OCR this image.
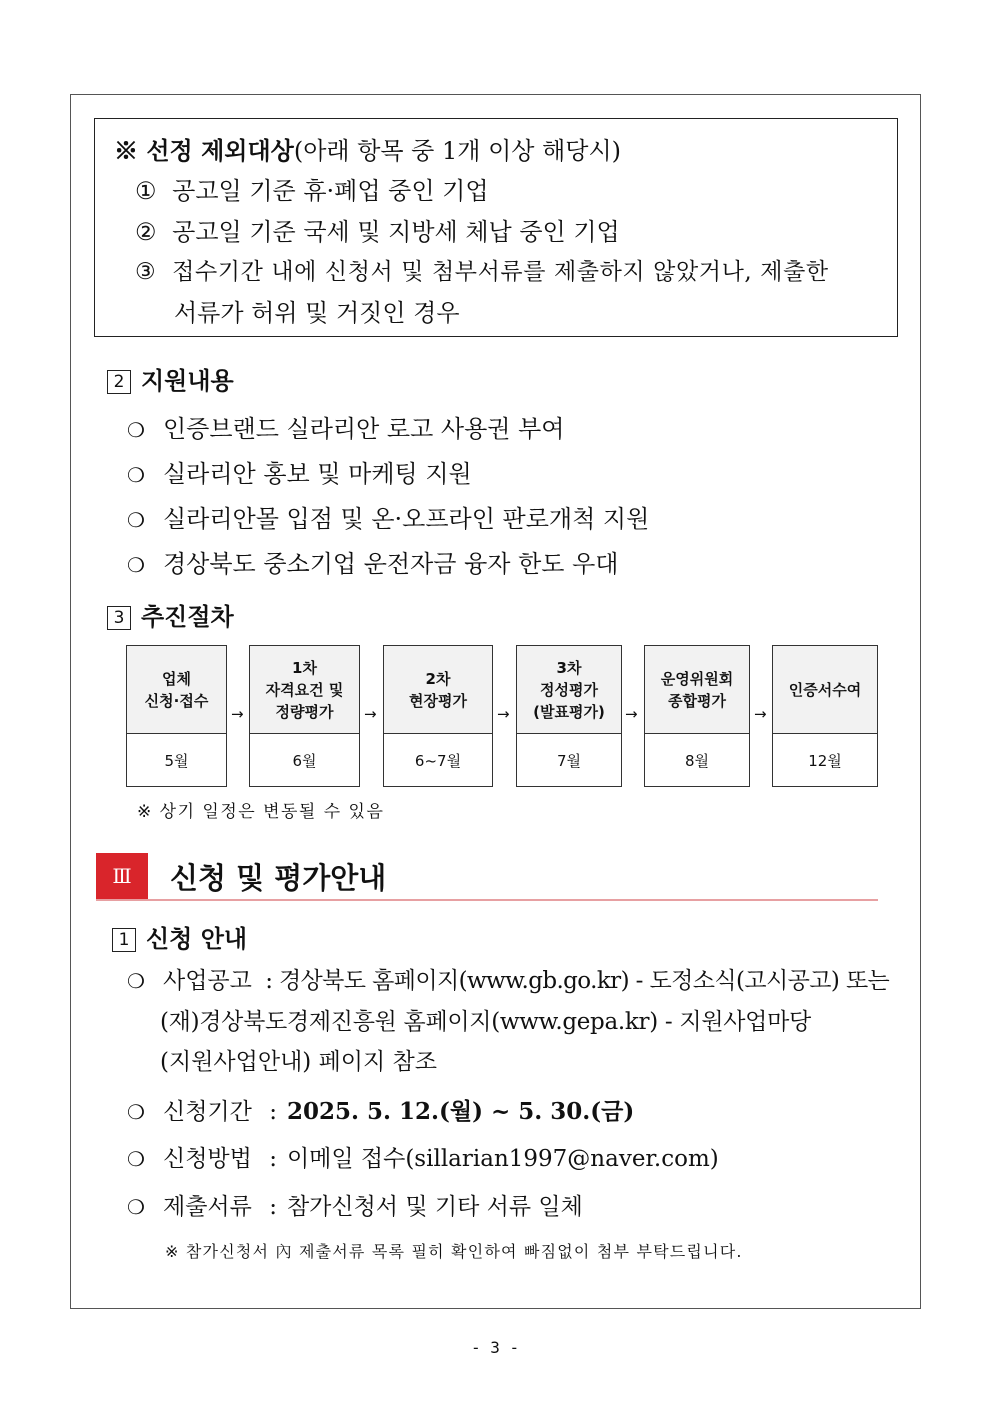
※ 선정 제외대상(아래 항목 중 1개 이상 해당시)
① 공고일 기준 휴·폐업 중인 기업
② 공고일 기준 국세 및 지방세 체납 중인 기업
③ 접수기간 내에 신청서 및 첨부서류를 제출하지 않았거나, 제출한
서류가 허위 및 거짓인 경우
2 지원내용
❍ 인증브랜드 실라리안 로고 사용권 부여
❍ 실라리안 홍보 및 마케팅 지원
❍ 실라리안몰 입점 및 온·오프라인 판로개척 지원
❍ 경상북도 중소기업 운전자금 융자 한도 우대
3 추진절차
업체
신청·접수
5월
→
1차
자격요건 및
정량평가
6월
→
2차
현장평가
6~7월
→
3차
정성평가
(발표평가)
7월
→
운영위원회
종합평가
8월
→
인증서수여
12월
※ 상기 일정은 변동될 수 있음
Ⅲ	신청 및 평가안내
1 신청 안내
❍ 사업공고 : 경상북도 홈페이지(www.gb.go.kr) - 도정소식(고시공고) 또는
(재)경상북도경제진흥원 홈페이지(www.gepa.kr) - 지원사업마당
(지원사업안내) 페이지 참조
❍ 신청기간 : 2025. 5. 12.(월) ~ 5. 30.(금)
❍ 신청방법 : 이메일 접수(sillarian1997@naver.com)
❍ 제출서류 : 참가신청서 및 기타 서류 일체
※ 참가신청서 內 제출서류 목록 필히 확인하여 빠짐없이 첨부 부탁드립니다.
- 3 -
